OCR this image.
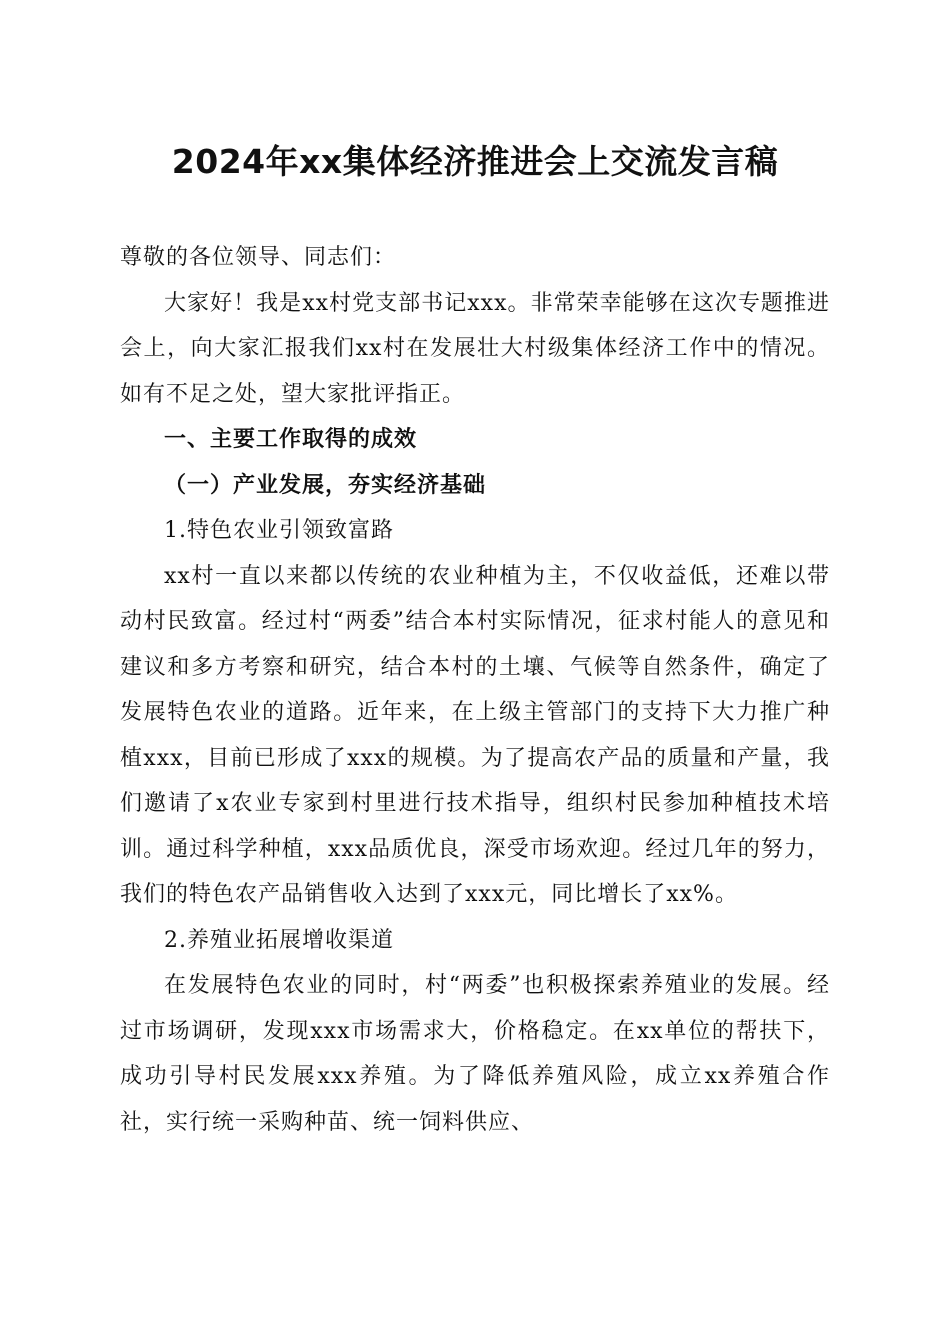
2024年xx集体经济推进会上交流发言稿

尊敬的各位领导、同志们：

大家好！我是xx村党支部书记xxx。非常荣幸能够在这次专题推进会上，向大家汇报我们xx村在发展壮大村级集体经济工作中的情况。如有不足之处，望大家批评指正。

一、主要工作取得的成效

（一）产业发展，夯实经济基础

1.特色农业引领致富路

xx村一直以来都以传统的农业种植为主，不仅收益低，还难以带动村民致富。经过村“两委”结合本村实际情况，征求村能人的意见和建议和多方考察和研究，结合本村的土壤、气候等自然条件，确定了发展特色农业的道路。近年来，在上级主管部门的支持下大力推广种植xxx，目前已形成了xxx的规模。为了提高农产品的质量和产量，我们邀请了x农业专家到村里进行技术指导，组织村民参加种植技术培训。通过科学种植，xxx品质优良，深受市场欢迎。经过几年的努力，我们的特色农产品销售收入达到了xxx元，同比增长了xx%。

2.养殖业拓展增收渠道

在发展特色农业的同时，村“两委”也积极探索养殖业的发展。经过市场调研，发现xxx市场需求大，价格稳定。在xx单位的帮扶下，成功引导村民发展xxx养殖。为了降低养殖风险，成立xx养殖合作社，实行统一采购种苗、统一饲料供应、
